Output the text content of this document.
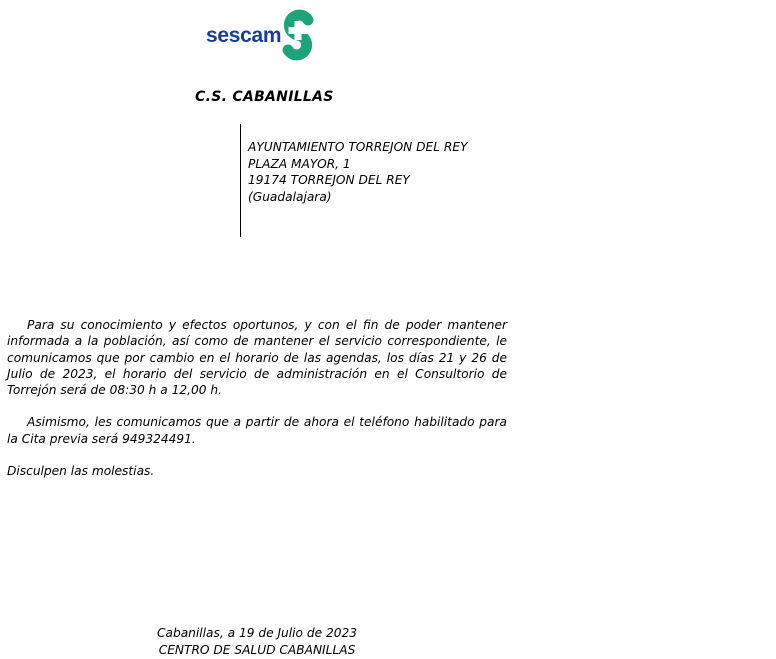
sescam
C.S. CABANILLAS
AYUNTAMIENTO TORREJON DEL REY
PLAZA MAYOR, 1
19174 TORREJON DEL REY
(Guadalajara)

Para su conocimiento y efectos oportunos, y con el fin de poder mantener informada a la población, así como de mantener el servicio correspondiente, le comunicamos que por cambio en el horario de las agendas, los días 21 y 26 de Julio de 2023, el horario del servicio de administración en el Consultorio de Torrejón será de 08:30 h a 12,00 h.

Asimismo, les comunicamos que a partir de ahora el teléfono habilitado para la Cita previa será 949324491.

Disculpen las molestias.

Cabanillas, a 19 de Julio de 2023
CENTRO DE SALUD CABANILLAS
